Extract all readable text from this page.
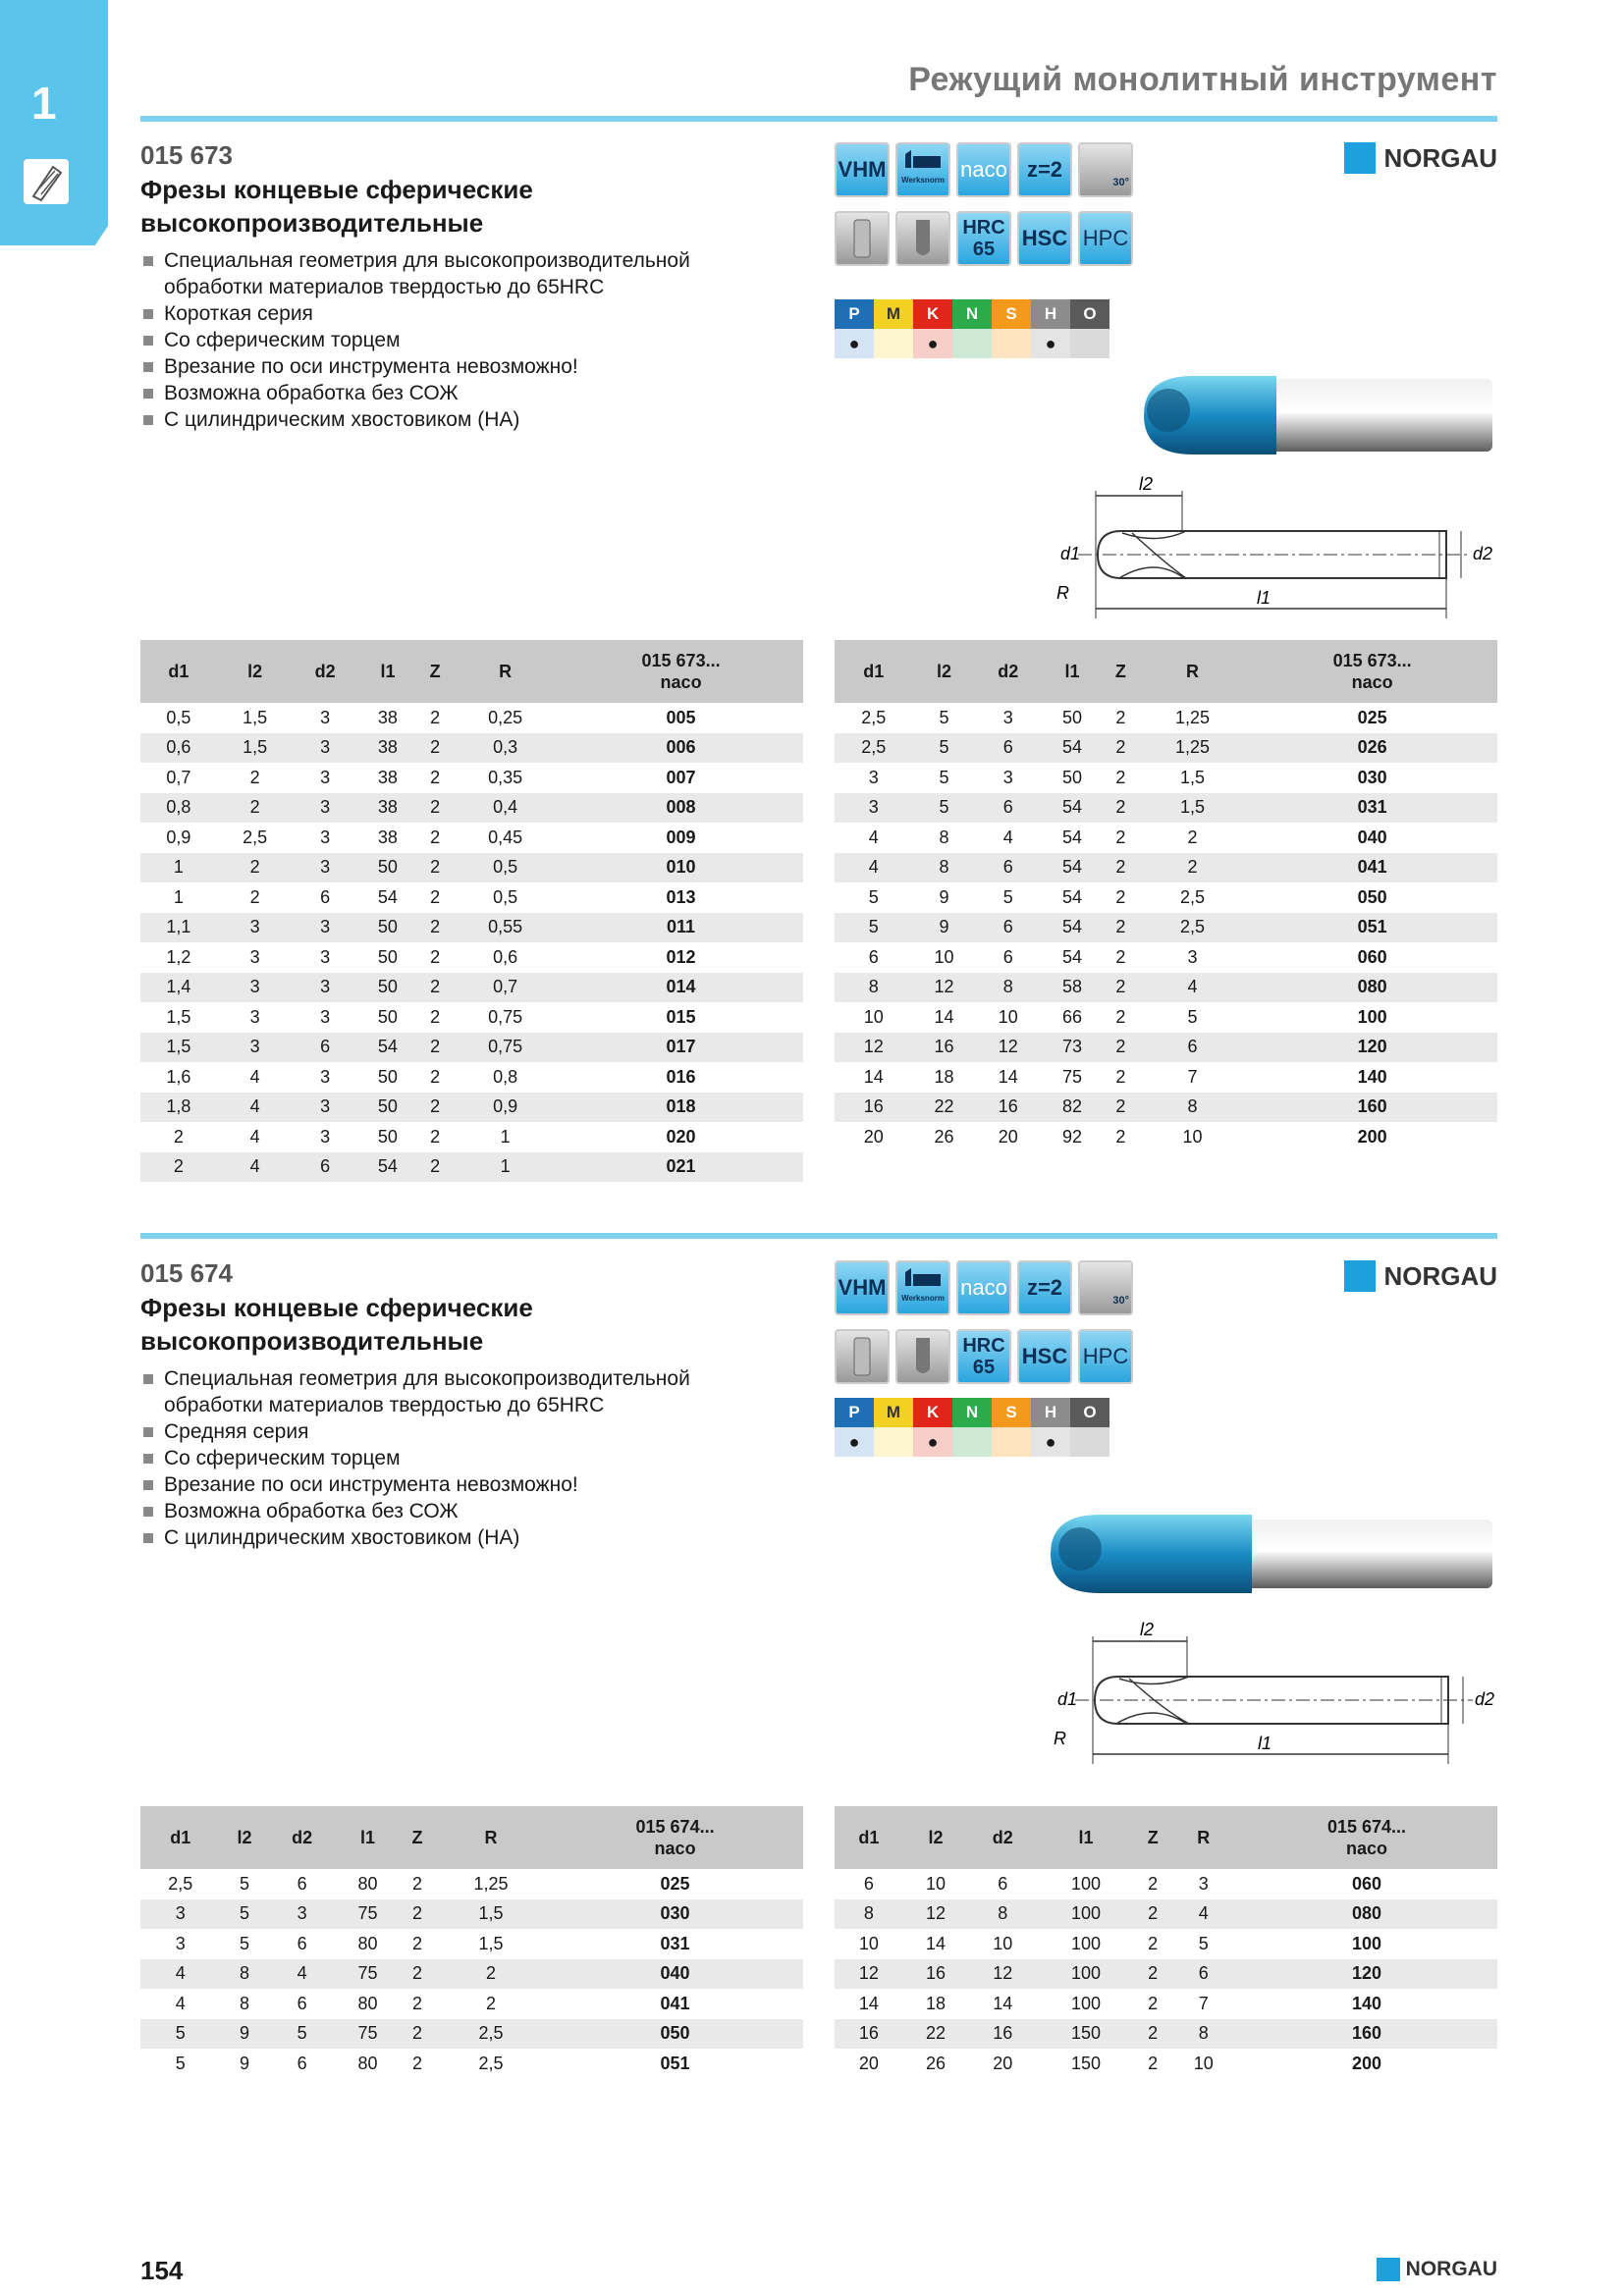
1	Режущий монолитный инструмент
015 673
Фрезы концевые сферические высокопроизводительные
Специальная геометрия для высокопроизводительной обработки материалов твердостью до 65HRC
Короткая серия
Со сферическим торцем
Врезание по оси инструмента невозможно!
Возможна обработка без СОЖ
С цилиндрическим хвостовиком (HA)
VHM	Werksnorm naco z=2
30°
HRC
65 HSC HPC
P	M	K	N	S	H	O
●	●	●
NORGAU
l2
d1	d2
R	l1
d1	l2	d2	l1	Z	R	015 673...
naco
0,5	1,5	3	38	2	0,25	005
0,6	1,5	3	38	2	0,3	006
0,7	2	3	38	2	0,35	007
0,8	2	3	38	2	0,4	008
0,9	2,5	3	38	2	0,45	009
1	2	3	50	2	0,5	010
1	2	6	54	2	0,5	013
1,1	3	3	50	2	0,55	011
1,2	3	3	50	2	0,6	012
1,4	3	3	50	2	0,7	014
1,5	3	3	50	2	0,75	015
1,5	3	6	54	2	0,75	017
1,6	4	3	50	2	0,8	016
1,8	4	3	50	2	0,9	018
2	4	3	50	2	1	020
2	4	6	54	2	1	021
d1	l2	d2	l1	Z	R	015 673...
naco
2,5	5	3	50	2	1,25	025
2,5	5	6	54	2	1,25	026
3	5	3	50	2	1,5	030
3	5	6	54	2	1,5	031
4	8	4	54	2	2	040
4	8	6	54	2	2	041
5	9	5	54	2	2,5	050
5	9	6	54	2	2,5	051
6	10	6	54	2	3	060
8	12	8	58	2	4	080
10	14	10	66	2	5	100
12	16	12	73	2	6	120
14	18	14	75	2	7	140
16	22	16	82	2	8	160
20	26	20	92	2	10	200
015 674
Фрезы концевые сферические высокопроизводительные
Специальная геометрия для высокопроизводительной обработки материалов твердостью до 65HRC
Средняя серия
Со сферическим торцем
Врезание по оси инструмента невозможно!
Возможна обработка без СОЖ
С цилиндрическим хвостовиком (HA)
VHM	Werksnorm naco z=2
30°
HRC
65 HSC HPC
P	M	K	N	S	H	O
●	●	●
NORGAU
l2
d1	d2
R	l1
d1	l2	d2	l1	Z	R	015 674...
naco
2,5	5	6	80	2	1,25	025
3	5	3	75	2	1,5	030
3	5	6	80	2	1,5	031
4	8	4	75	2	2	040
4	8	6	80	2	2	041
5	9	5	75	2	2,5	050
5	9	6	80	2	2,5	051
d1	l2	d2	l1	Z	R	015 674...
naco
6	10	6	100	2	3	060
8	12	8	100	2	4	080
10	14	10	100	2	5	100
12	16	12	100	2	6	120
14	18	14	100	2	7	140
16	22	16	150	2	8	160
20	26	20	150	2	10	200
154	NORGAU
